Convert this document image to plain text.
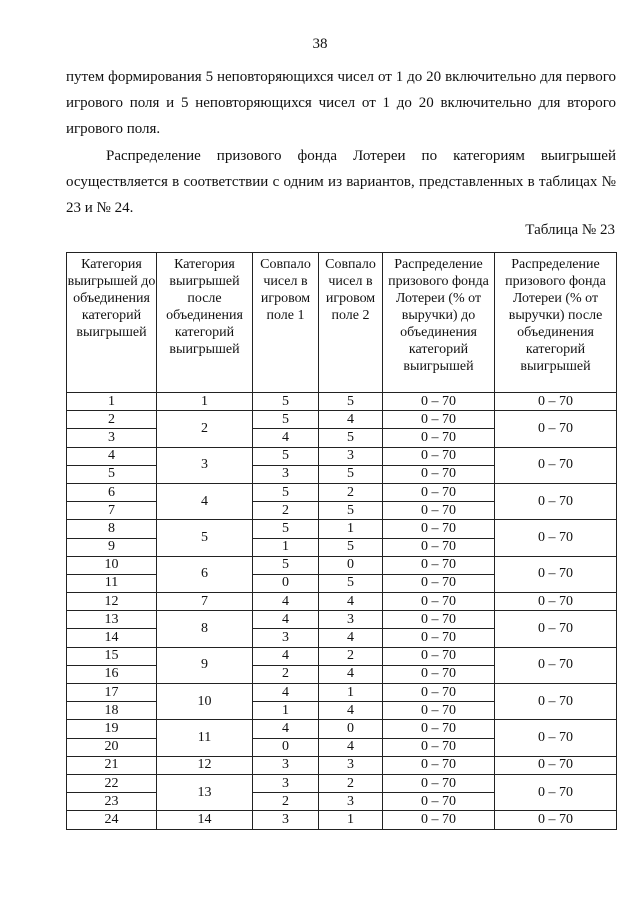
38
путем формирования 5 неповторяющихся чисел от 1 до 20 включительно для первого игрового поля и 5 неповторяющихся чисел от 1 до 20 включительно для второго игрового поля.
Распределение призового фонда Лотереи по категориям выигрышей осуществляется в соответствии с одним из вариантов, представленных в таблицах № 23 и № 24.
Таблица № 23
Категория выигрышей до объединения категорий выигрышей	Категория выигрышей после объединения категорий выигрышей	Совпало чисел в игровом поле 1	Совпало чисел в игровом поле 2	Распределение призового фонда Лотереи (% от выручки) до объединения категорий выигрышей	Распределение призового фонда Лотереи (% от выручки) после объединения категорий выигрышей
1	1	5	5	0 – 70	0 – 70
2	2	5	4	0 – 70	0 – 70
3		4	5	0 – 70	
4	3	5	3	0 – 70	0 – 70
5		3	5	0 – 70	
6	4	5	2	0 – 70	0 – 70
7		2	5	0 – 70	
8	5	5	1	0 – 70	0 – 70
9		1	5	0 – 70	
10	6	5	0	0 – 70	0 – 70
11		0	5	0 – 70	
12	7	4	4	0 – 70	0 – 70
13	8	4	3	0 – 70	0 – 70
14		3	4	0 – 70	
15	9	4	2	0 – 70	0 – 70
16		2	4	0 – 70	
17	10	4	1	0 – 70	0 – 70
18		1	4	0 – 70	
19	11	4	0	0 – 70	0 – 70
20		0	4	0 – 70	
21	12	3	3	0 – 70	0 – 70
22	13	3	2	0 – 70	0 – 70
23		2	3	0 – 70	
24	14	3	1	0 – 70	0 – 70
